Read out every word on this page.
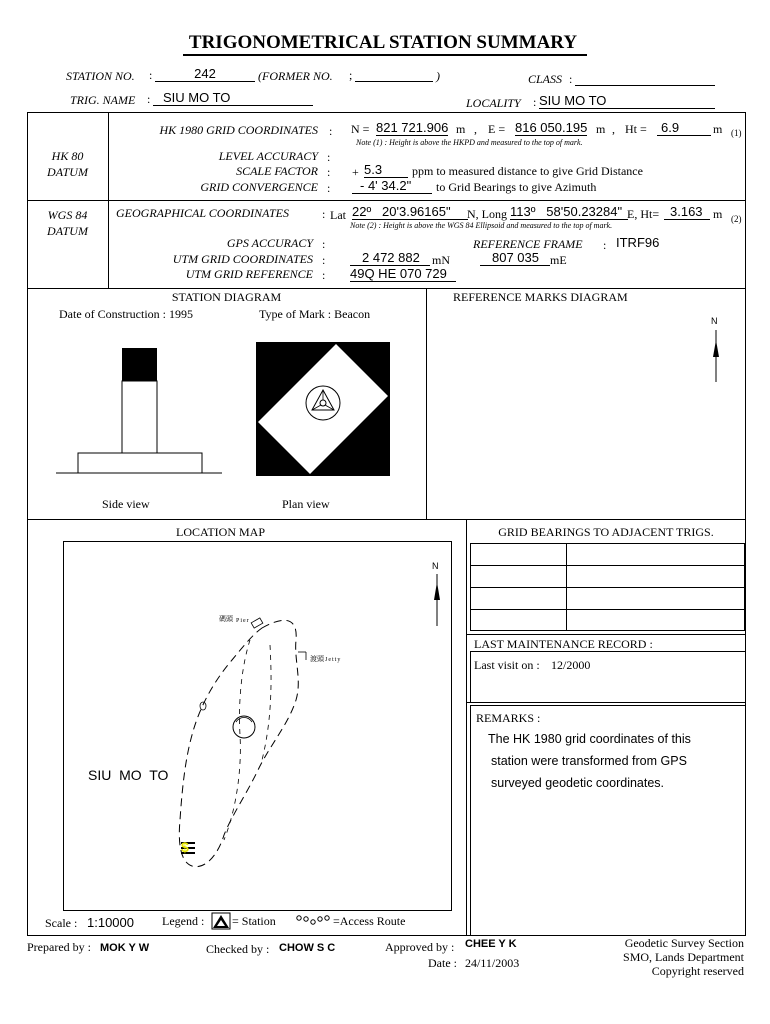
TRIGONOMETRICAL STATION SUMMARY
STATION NO. :	242	(FORMER NO. ;	)	CLASS :
TRIG. NAME : SIU MO TO	LOCALITY : SIU MO TO
HK 80
DATUM
HK 1980 GRID COORDINATES : N = 821 721.906 m , E = 816 050.195 m , Ht =	6.9	m (1)
Note (1) : Height is above the HKPD and measured to the top of mark.
LEVEL ACCURACY :
SCALE FACTOR : + 5.3	ppm to measured distance to give Grid Distance
GRID CONVERGENCE :	- 4' 34.2"	to Grid Bearings to give Azimuth
WGS 84
DATUM
GEOGRAPHICAL COORDINATES	: Lat 22º   20'3.96165"	N, Long 113º   58'50.23284" E, Ht= 3.163 m (2)
Note (2) : Height is above the WGS 84 Ellipsoid and measured to the top of mark.
GPS ACCURACY :	REFERENCE FRAME : ITRF96
UTM GRID COORDINATES :	2 472 882	mN	807 035 mE
UTM GRID REFERENCE : 49Q HE 070 729
STATION DIAGRAM
Date of Construction : 1995	Type of Mark : Beacon
Side view	Plan view
REFERENCE MARKS DIAGRAM
N
LOCATION MAP
N
$
碼頭 Pier
渡頭 Jetty
SIU  MO  TO
Scale : 1:10000 Legend : = Station	=Access Route
GRID BEARINGS TO ADJACENT TRIGS.
LAST MAINTENANCE RECORD :
Last visit on : 12/2000
REMARKS :
The HK 1980 grid coordinates of this
station were transformed from GPS
surveyed geodetic coordinates.
Prepared by : MOK Y W	Checked by : CHOW S C	Approved by : CHEE Y K
Date : 24/11/2003
Geodetic Survey Section
SMO, Lands Department
Copyright reserved
